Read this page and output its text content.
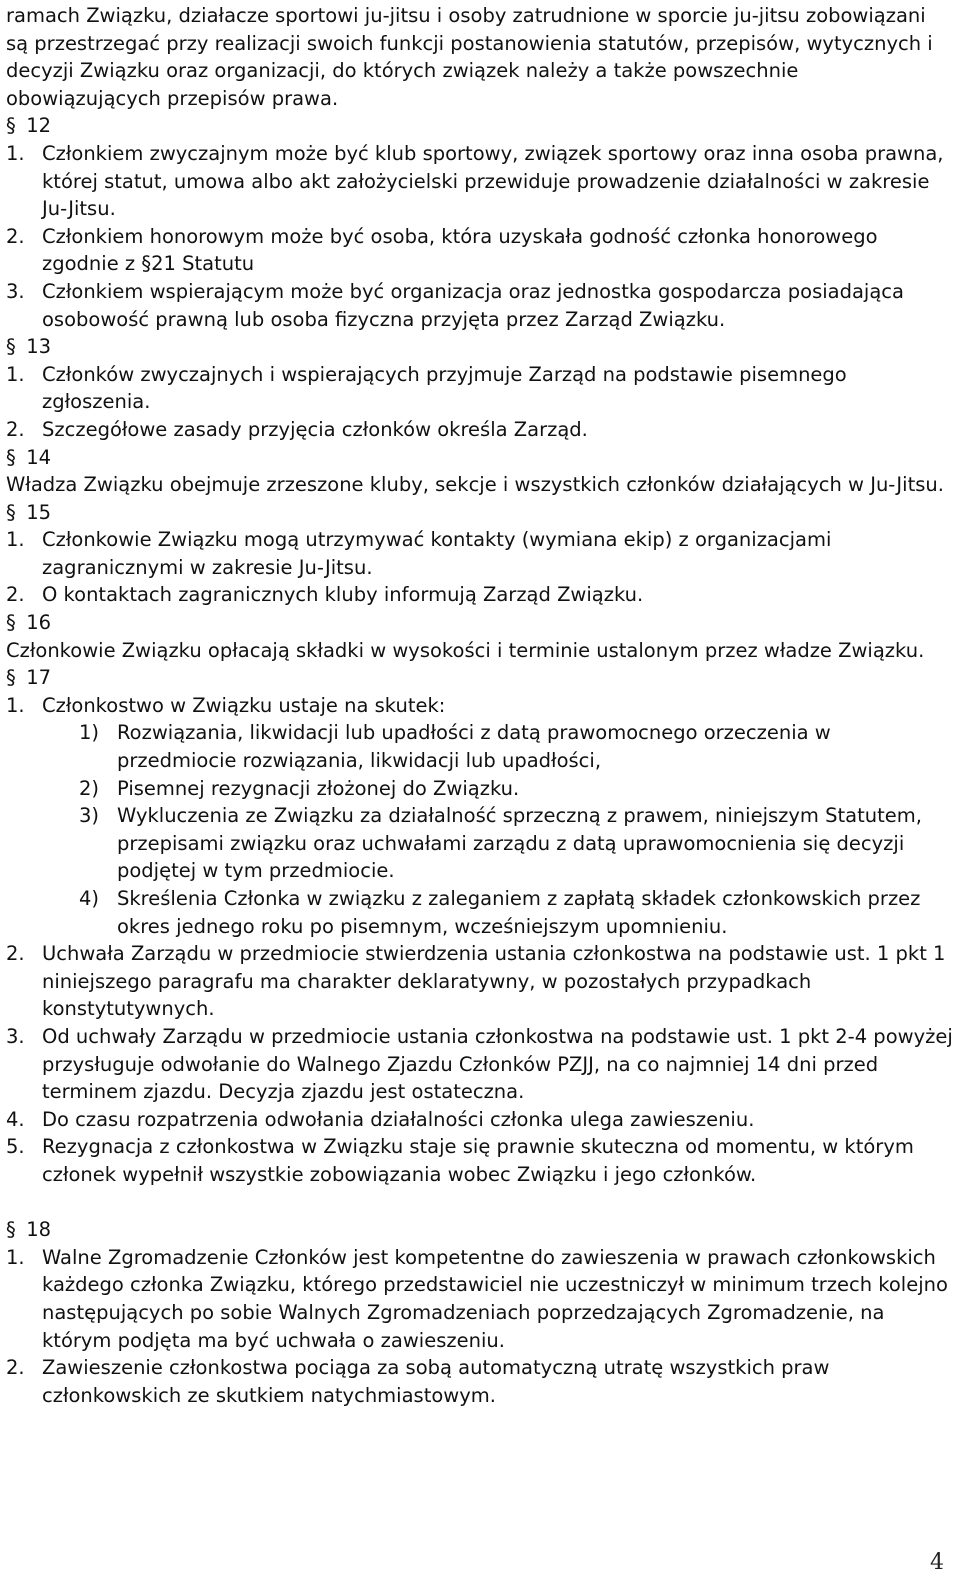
ramach Związku, działacze sportowi ju-jitsu i osoby zatrudnione w sporcie ju-jitsu zobowiązani są przestrzegać przy realizacji swoich funkcji postanowienia statutów, przepisów, wytycznych i decyzji Związku oraz organizacji, do których związek należy a także powszechnie obowiązujących przepisów prawa.

§ 12
1. Członkiem zwyczajnym może być klub sportowy, związek sportowy oraz inna osoba prawna, której statut, umowa albo akt założycielski przewiduje prowadzenie działalności w zakresie Ju-Jitsu.
2. Członkiem honorowym może być osoba, która uzyskała godność członka honorowego zgodnie z §21 Statutu
3. Członkiem wspierającym może być organizacja oraz jednostka gospodarcza posiadająca osobowość prawną lub osoba fizyczna przyjęta przez Zarząd Związku.
§ 13
1. Członków zwyczajnych i wspierających przyjmuje Zarząd na podstawie pisemnego zgłoszenia.
2. Szczegółowe zasady przyjęcia członków określa Zarząd.
§ 14

Władza Związku obejmuje zrzeszone kluby, sekcje i wszystkich członków działających w Ju-Jitsu.

§ 15
1. Członkowie Związku mogą utrzymywać kontakty (wymiana ekip) z organizacjami zagranicznymi w zakresie Ju-Jitsu.
2. O kontaktach zagranicznych kluby informują Zarząd Związku.
§ 16

Członkowie Związku opłacają składki w wysokości i terminie ustalonym przez władze Związku.

§ 17
1. Członkostwo w Związku ustaje na skutek:
1) Rozwiązania, likwidacji lub upadłości z datą prawomocnego orzeczenia w przedmiocie rozwiązania, likwidacji lub upadłości,
2) Pisemnej rezygnacji złożonej do Związku.
3) Wykluczenia ze Związku za działalność sprzeczną z prawem, niniejszym Statutem, przepisami związku oraz uchwałami zarządu z datą uprawomocnienia się decyzji podjętej w tym przedmiocie.
4) Skreślenia Członka w związku z zaleganiem z zapłatą składek członkowskich przez okres jednego roku po pisemnym, wcześniejszym upomnieniu.
2. Uchwała Zarządu w przedmiocie stwierdzenia ustania członkostwa na podstawie ust. 1 pkt 1 niniejszego paragrafu ma charakter deklaratywny, w pozostałych przypadkach konstytutywnych.
3. Od uchwały Zarządu w przedmiocie ustania członkostwa na podstawie ust. 1 pkt 2-4 powyżej przysługuje odwołanie do Walnego Zjazdu Członków PZJJ, na co najmniej 14 dni przed terminem zjazdu. Decyzja zjazdu jest ostateczna.
4. Do czasu rozpatrzenia odwołania działalności członka ulega zawieszeniu.
5. Rezygnacja z członkostwa w Związku staje się prawnie skuteczna od momentu, w którym członek wypełnił wszystkie zobowiązania wobec Związku i jego członków.
§ 18
1. Walne Zgromadzenie Członków jest kompetentne do zawieszenia w prawach członkowskich każdego członka Związku, którego przedstawiciel nie uczestniczył w minimum trzech kolejno następujących po sobie Walnych Zgromadzeniach poprzedzających Zgromadzenie, na którym podjęta ma być uchwała o zawieszeniu.
2. Zawieszenie członkostwa pociąga za sobą automatyczną utratę wszystkich praw członkowskich ze skutkiem natychmiastowym.
4
